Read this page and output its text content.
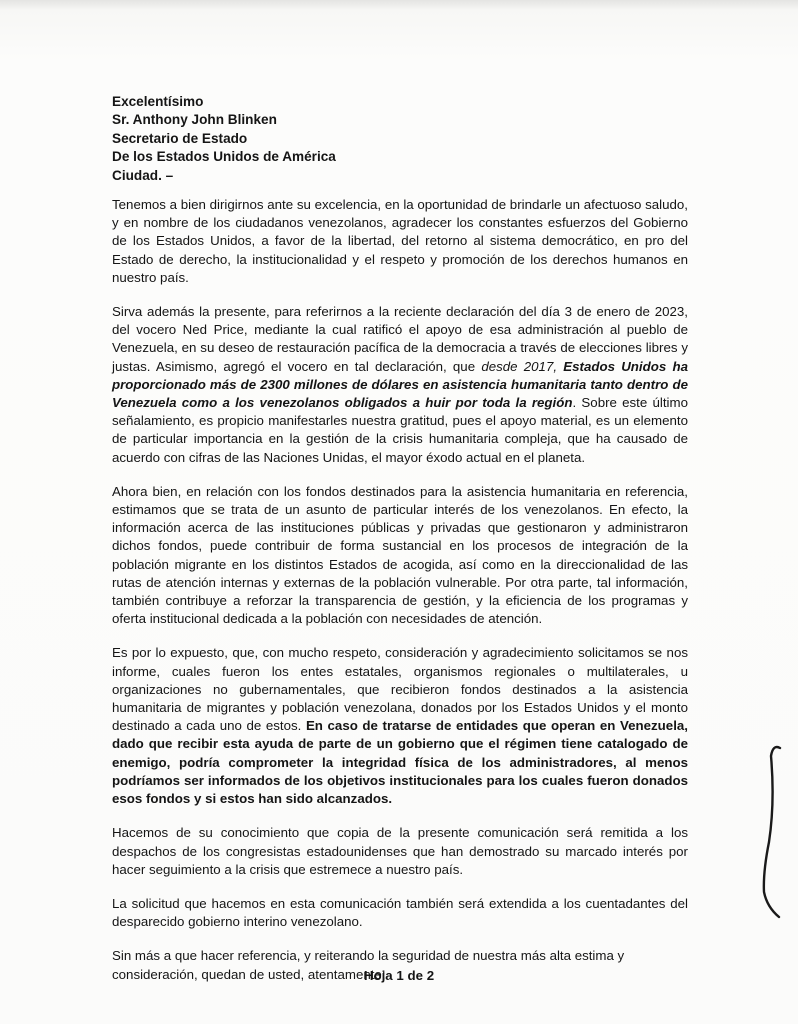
Excelentísimo
Sr. Anthony John Blinken
Secretario de Estado
De los Estados Unidos de América
Ciudad. –

Tenemos a bien dirigirnos ante su excelencia, en la oportunidad de brindarle un afectuoso saludo, y en nombre de los ciudadanos venezolanos, agradecer los constantes esfuerzos del Gobierno de los Estados Unidos, a favor de la libertad, del retorno al sistema democrático, en pro del Estado de derecho, la institucionalidad y el respeto y promoción de los derechos humanos en nuestro país.

Sirva además la presente, para referirnos a la reciente declaración del día 3 de enero de 2023, del vocero Ned Price, mediante la cual ratificó el apoyo de esa administración al pueblo de Venezuela, en su deseo de restauración pacífica de la democracia a través de elecciones libres y justas. Asimismo, agregó el vocero en tal declaración, que desde 2017, Estados Unidos ha proporcionado más de 2300 millones de dólares en asistencia humanitaria tanto dentro de Venezuela como a los venezolanos obligados a huir por toda la región. Sobre este último señalamiento, es propicio manifestarles nuestra gratitud, pues el apoyo material, es un elemento de particular importancia en la gestión de la crisis humanitaria compleja, que ha causado de acuerdo con cifras de las Naciones Unidas, el mayor éxodo actual en el planeta.

Ahora bien, en relación con los fondos destinados para la asistencia humanitaria en referencia, estimamos que se trata de un asunto de particular interés de los venezolanos. En efecto, la información acerca de las instituciones públicas y privadas que gestionaron y administraron dichos fondos, puede contribuir de forma sustancial en los procesos de integración de la población migrante en los distintos Estados de acogida, así como en la direccionalidad de las rutas de atención internas y externas de la población vulnerable. Por otra parte, tal información, también contribuye a reforzar la transparencia de gestión, y la eficiencia de los programas y oferta institucional dedicada a la población con necesidades de atención.

Es por lo expuesto, que, con mucho respeto, consideración y agradecimiento solicitamos se nos informe, cuales fueron los entes estatales, organismos regionales o multilaterales, u organizaciones no gubernamentales, que recibieron fondos destinados a la asistencia humanitaria de migrantes y población venezolana, donados por los Estados Unidos y el monto destinado a cada uno de estos. En caso de tratarse de entidades que operan en Venezuela, dado que recibir esta ayuda de parte de un gobierno que el régimen tiene catalogado de enemigo, podría comprometer la integridad física de los administradores, al menos podríamos ser informados de los objetivos institucionales para los cuales fueron donados esos fondos y si estos han sido alcanzados.

Hacemos de su conocimiento que copia de la presente comunicación será remitida a los despachos de los congresistas estadounidenses que han demostrado su marcado interés por hacer seguimiento a la crisis que estremece a nuestro país.

La solicitud que hacemos en esta comunicación también será extendida a los cuentadantes del desparecido gobierno interino venezolano.

Sin más a que hacer referencia, y reiterando la seguridad de nuestra más alta estima y consideración, quedan de usted, atentamente;

Hoja 1 de 2
